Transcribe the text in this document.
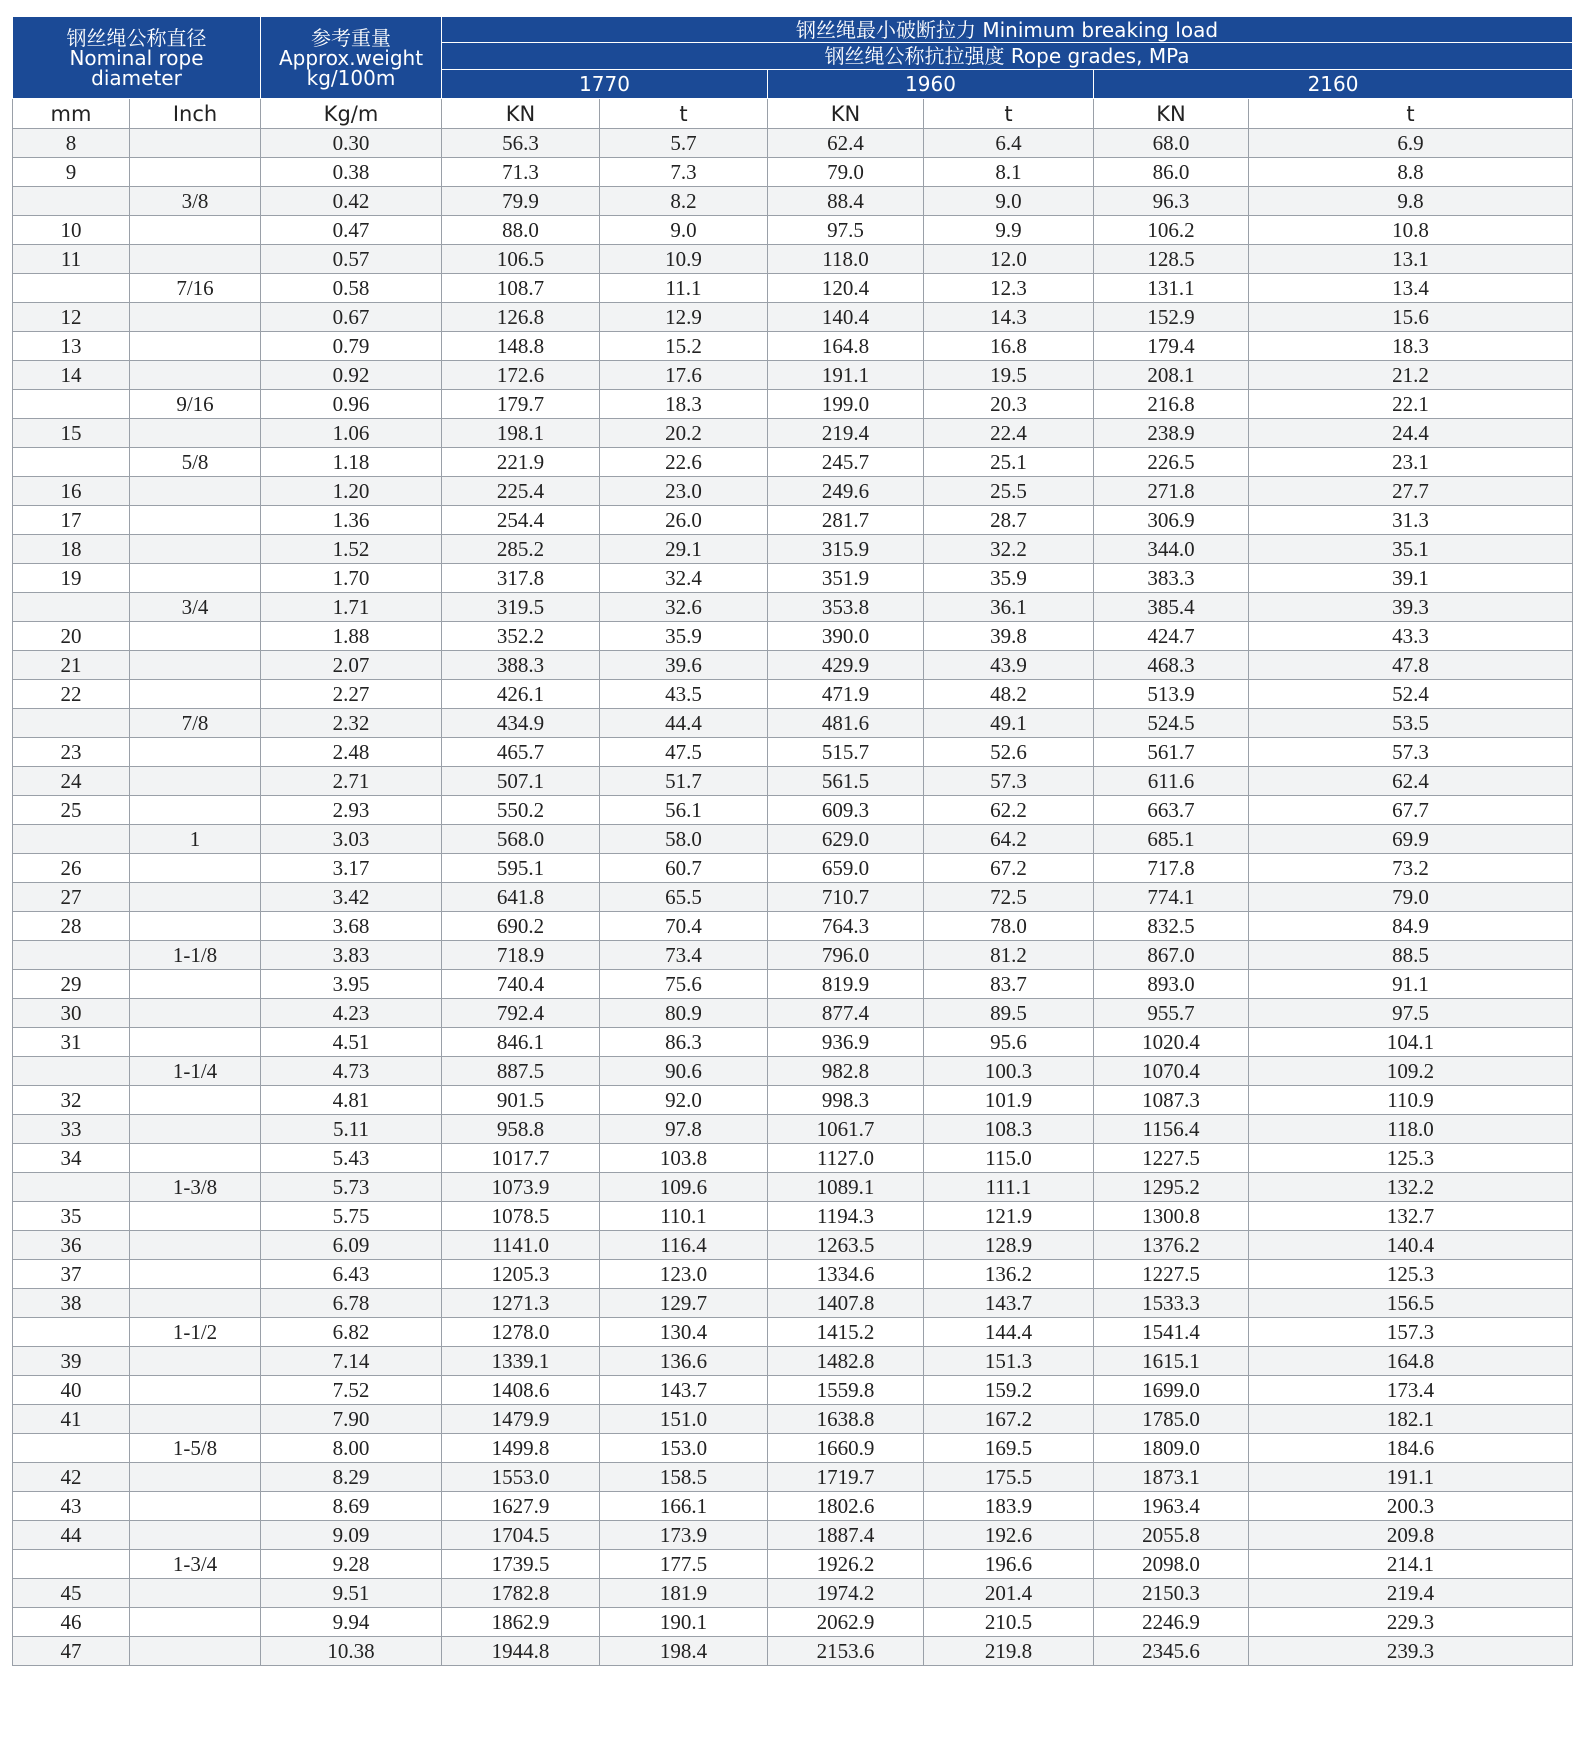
钢丝绳公称直径
Nominal rope
diameter		参考重量
Approx.weight
kg/100m	钢丝绳最小破断拉力 Minimum breaking load					
			钢丝绳公称抗拉强度 Rope grades, MPa					
			1770		1960		2160	
mm	Inch	Kg/m	KN	t	KN	t	KN	t
8		0.30	56.3	5.7	62.4	6.4	68.0	6.9
9		0.38	71.3	7.3	79.0	8.1	86.0	8.8
	3/8	0.42	79.9	8.2	88.4	9.0	96.3	9.8
10		0.47	88.0	9.0	97.5	9.9	106.2	10.8
11		0.57	106.5	10.9	118.0	12.0	128.5	13.1
	7/16	0.58	108.7	11.1	120.4	12.3	131.1	13.4
12		0.67	126.8	12.9	140.4	14.3	152.9	15.6
13		0.79	148.8	15.2	164.8	16.8	179.4	18.3
14		0.92	172.6	17.6	191.1	19.5	208.1	21.2
	9/16	0.96	179.7	18.3	199.0	20.3	216.8	22.1
15		1.06	198.1	20.2	219.4	22.4	238.9	24.4
	5/8	1.18	221.9	22.6	245.7	25.1	226.5	23.1
16		1.20	225.4	23.0	249.6	25.5	271.8	27.7
17		1.36	254.4	26.0	281.7	28.7	306.9	31.3
18		1.52	285.2	29.1	315.9	32.2	344.0	35.1
19		1.70	317.8	32.4	351.9	35.9	383.3	39.1
	3/4	1.71	319.5	32.6	353.8	36.1	385.4	39.3
20		1.88	352.2	35.9	390.0	39.8	424.7	43.3
21		2.07	388.3	39.6	429.9	43.9	468.3	47.8
22		2.27	426.1	43.5	471.9	48.2	513.9	52.4
	7/8	2.32	434.9	44.4	481.6	49.1	524.5	53.5
23		2.48	465.7	47.5	515.7	52.6	561.7	57.3
24		2.71	507.1	51.7	561.5	57.3	611.6	62.4
25		2.93	550.2	56.1	609.3	62.2	663.7	67.7
	1	3.03	568.0	58.0	629.0	64.2	685.1	69.9
26		3.17	595.1	60.7	659.0	67.2	717.8	73.2
27		3.42	641.8	65.5	710.7	72.5	774.1	79.0
28		3.68	690.2	70.4	764.3	78.0	832.5	84.9
	1-1/8	3.83	718.9	73.4	796.0	81.2	867.0	88.5
29		3.95	740.4	75.6	819.9	83.7	893.0	91.1
30		4.23	792.4	80.9	877.4	89.5	955.7	97.5
31		4.51	846.1	86.3	936.9	95.6	1020.4	104.1
	1-1/4	4.73	887.5	90.6	982.8	100.3	1070.4	109.2
32		4.81	901.5	92.0	998.3	101.9	1087.3	110.9
33		5.11	958.8	97.8	1061.7	108.3	1156.4	118.0
34		5.43	1017.7	103.8	1127.0	115.0	1227.5	125.3
	1-3/8	5.73	1073.9	109.6	1089.1	111.1	1295.2	132.2
35		5.75	1078.5	110.1	1194.3	121.9	1300.8	132.7
36		6.09	1141.0	116.4	1263.5	128.9	1376.2	140.4
37		6.43	1205.3	123.0	1334.6	136.2	1227.5	125.3
38		6.78	1271.3	129.7	1407.8	143.7	1533.3	156.5
	1-1/2	6.82	1278.0	130.4	1415.2	144.4	1541.4	157.3
39		7.14	1339.1	136.6	1482.8	151.3	1615.1	164.8
40		7.52	1408.6	143.7	1559.8	159.2	1699.0	173.4
41		7.90	1479.9	151.0	1638.8	167.2	1785.0	182.1
	1-5/8	8.00	1499.8	153.0	1660.9	169.5	1809.0	184.6
42		8.29	1553.0	158.5	1719.7	175.5	1873.1	191.1
43		8.69	1627.9	166.1	1802.6	183.9	1963.4	200.3
44		9.09	1704.5	173.9	1887.4	192.6	2055.8	209.8
	1-3/4	9.28	1739.5	177.5	1926.2	196.6	2098.0	214.1
45		9.51	1782.8	181.9	1974.2	201.4	2150.3	219.4
46		9.94	1862.9	190.1	2062.9	210.5	2246.9	229.3
47		10.38	1944.8	198.4	2153.6	219.8	2345.6	239.3
